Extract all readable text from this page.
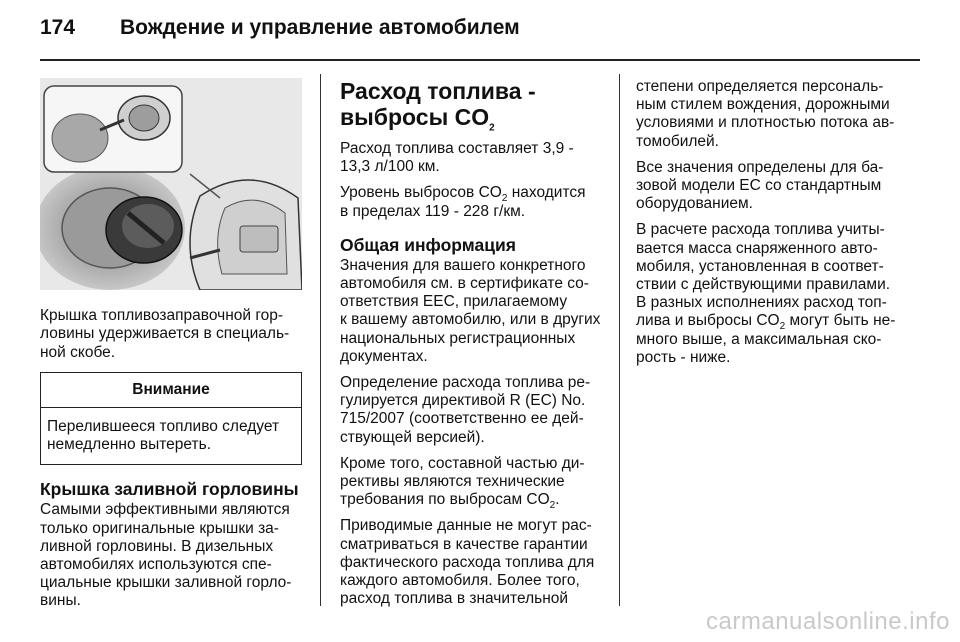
174 Вождение и управление автомобилем

Крышка топливозаправочной гор-
ловины удерживается в специаль-
ной скобе.

Внимание
Перелившееся топливо следует
немедленно вытереть.
Крышка заливной горловины

Самыми эффективными являются
только оригинальные крышки за-
ливной горловины. В дизельных
автомобилях используются спе-
циальные крышки заливной горло-
вины.

Расход топлива -
выбросы $CO_2$

Расход топлива составляет 3,9 -
13,3 л/100 км.

Уровень выбросов $CO_2$ находится
в пределах 119 - 228 г/км.

Общая информация

Значения для вашего конкретного
автомобиля см. в сертификате со-
ответствия ЕЕС, прилагаемому
к вашему автомобилю, или в других
национальных регистрационных
документах.

Определение расхода топлива ре-
гулируется директивой R (ЕС) No.
715/2007 (соответственно ее дей-
ствующей версией).

Кроме того, составной частью ди-
рективы являются технические
требования по выбросам $CO_2$.

Приводимые данные не могут рас-
сматриваться в качестве гарантии
фактического расхода топлива для
каждого автомобиля. Более того,
расход топлива в значительной

степени определяется персональ-
ным стилем вождения, дорожными
условиями и плотностью потока ав-
томобилей.

Все значения определены для ба-
зовой модели ЕС со стандартным
оборудованием.

В расчете расхода топлива учиты-
вается масса снаряженного авто-
мобиля, установленная в соответ-
ствии с действующими правилами.
В разных исполнениях расход топ-
лива и выбросы $CO_2$ могут быть не-
много выше, а максимальная ско-
рость - ниже.

carmanualsonline.info
